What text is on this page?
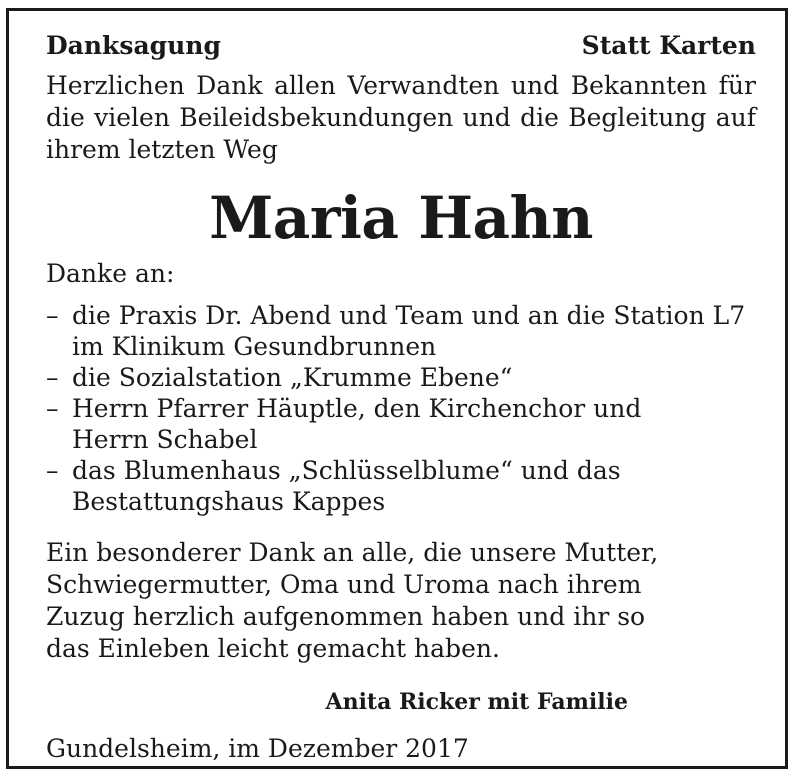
Danksagung	Statt Karten

Herzlichen Dank allen Verwandten und Bekannten für die vielen Beileidsbekundungen und die Begleitung auf ihrem letzten Weg

Maria Hahn

Danke an:

– die Praxis Dr. Abend und Team und an die Station L7
im Klinikum Gesundbrunnen
– die Sozialstation „Krumme Ebene“
– Herrn Pfarrer Häuptle, den Kirchenchor und
Herrn Schabel
– das Blumenhaus „Schlüsselblume“ und das
Bestattungshaus Kappes

Ein besonderer Dank an alle, die unsere Mutter,
Schwiegermutter, Oma und Uroma nach ihrem
Zuzug herzlich aufgenommen haben und ihr so
das Einleben leicht gemacht haben.

Anita Ricker mit Familie
Gundelsheim, im Dezember 2017
